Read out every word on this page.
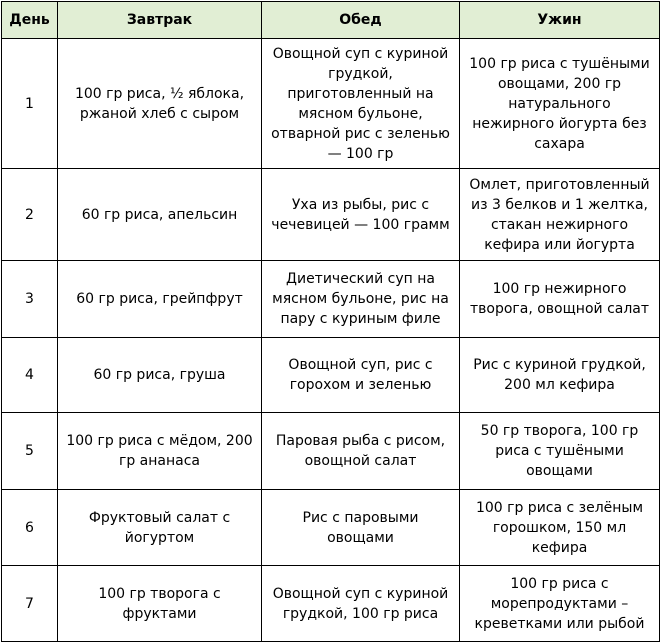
День	Завтрак	Обед	Ужин
1	100 гр риса, ½ яблока, ржаной хлеб с сыром	Овощной суп с куриной грудкой, приготовленный на мясном бульоне, отварной рис с зеленью — 100 гр	100 гр риса с тушёными овощами, 200 гр натурального нежирного йогурта без сахара
2	60 гр риса, апельсин	Уха из рыбы, рис с чечевицей — 100 грамм	Омлет, приготовленный из 3 белков и 1 желтка, стакан нежирного кефира или йогурта
3	60 гр риса, грейпфрут	Диетический суп на мясном бульоне, рис на пару с куриным филе	100 гр нежирного творога, овощной салат
4	60 гр риса, груша	Овощной суп, рис с горохом и зеленью	Рис с куриной грудкой, 200 мл кефира
5	100 гр риса с мёдом, 200 гр ананаса	Паровая рыба с рисом, овощной салат	50 гр творога, 100 гр риса с тушёными овощами
6	Фруктовый салат с йогуртом	Рис с паровыми овощами	100 гр риса с зелёным горошком, 150 мл кефира
7	100 гр творога с фруктами	Овощной суп с куриной грудкой, 100 гр риса	100 гр риса с морепродуктами – креветками или рыбой
